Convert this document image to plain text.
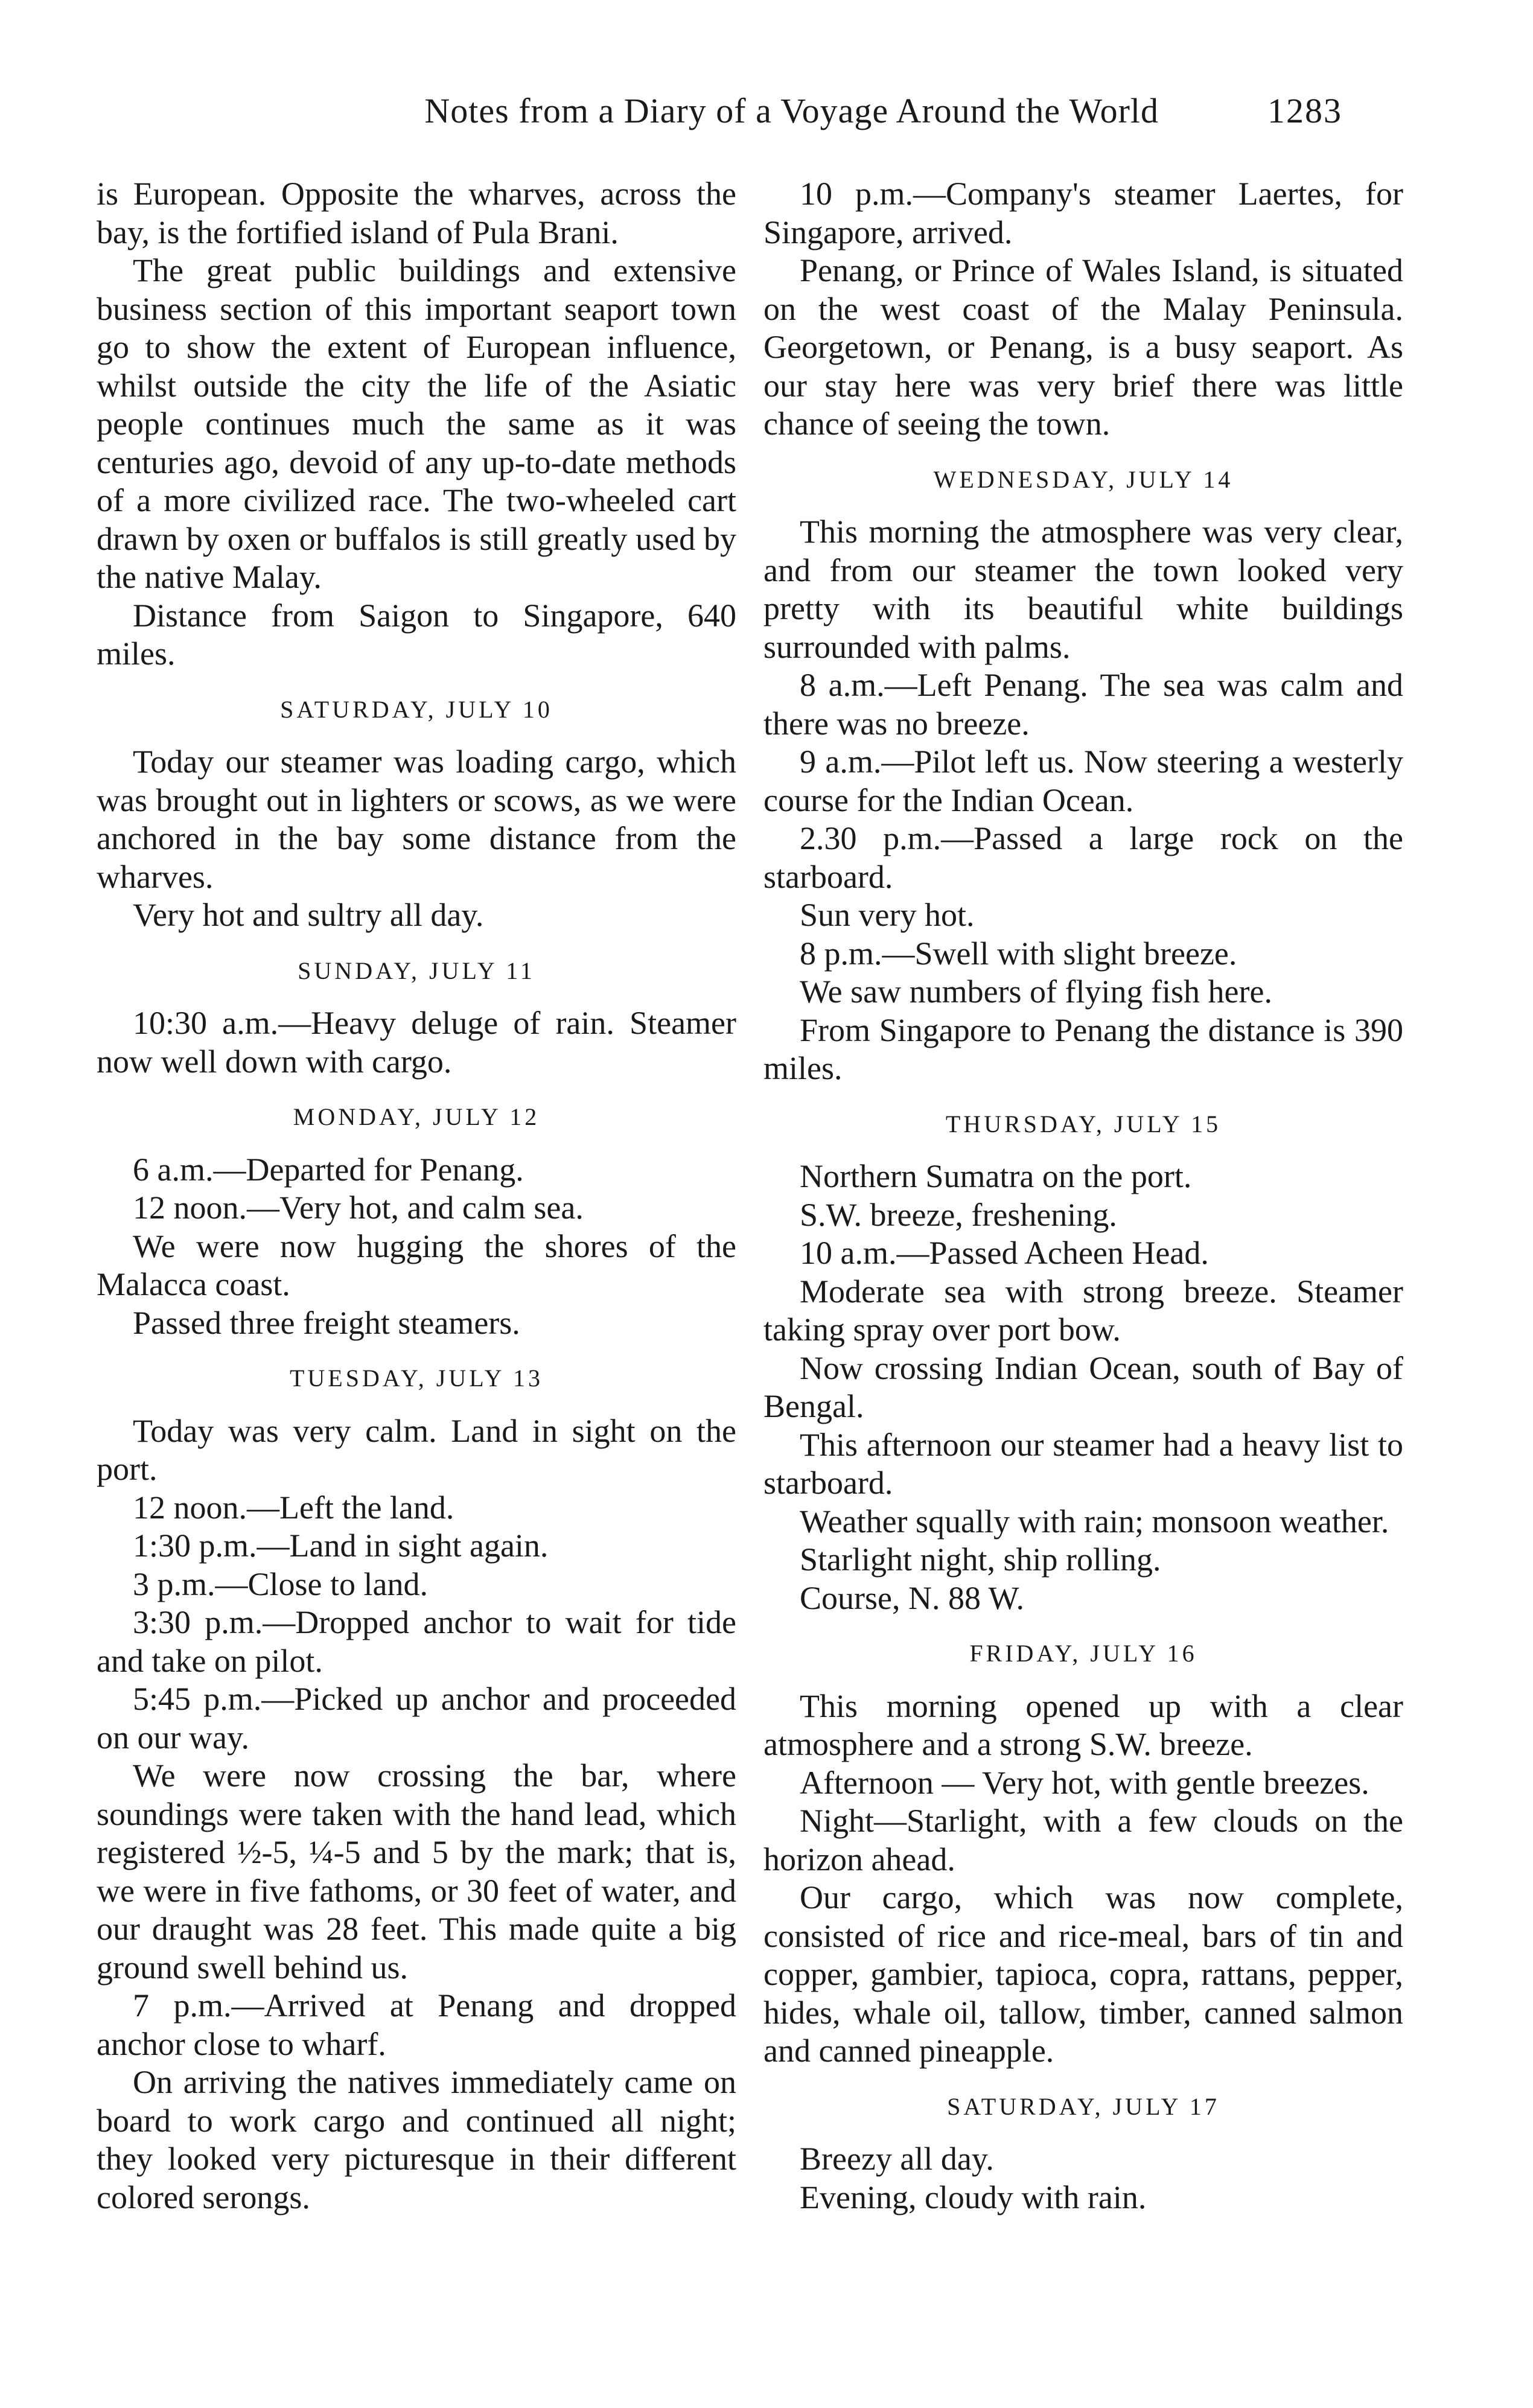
Notes from a Diary of a Voyage Around the World	1283

is European. Opposite the wharves, across the bay, is the fortified island of Pula Brani.

The great public buildings and extensive business section of this important seaport town go to show the extent of European influence, whilst outside the city the life of the Asiatic people continues much the same as it was centuries ago, devoid of any up-to-date methods of a more civilized race. The two-wheeled cart drawn by oxen or buffalos is still greatly used by the native Malay.

Distance from Saigon to Singapore, 640 miles.

SATURDAY, JULY 10

Today our steamer was loading cargo, which was brought out in lighters or scows, as we were anchored in the bay some distance from the wharves.

Very hot and sultry all day.

SUNDAY, JULY 11

10:30 a.m.—Heavy deluge of rain. Steamer now well down with cargo.

MONDAY, JULY 12

6 a.m.—Departed for Penang.

12 noon.—Very hot, and calm sea.

We were now hugging the shores of the Malacca coast.

Passed three freight steamers.

TUESDAY, JULY 13

Today was very calm. Land in sight on the port.

12 noon.—Left the land.

1:30 p.m.—Land in sight again.

3 p.m.—Close to land.

3:30 p.m.—Dropped anchor to wait for tide and take on pilot.

5:45 p.m.—Picked up anchor and proceeded on our way.

We were now crossing the bar, where soundings were taken with the hand lead, which registered ½-5, ¼-5 and 5 by the mark; that is, we were in five fathoms, or 30 feet of water, and our draught was 28 feet. This made quite a big ground swell behind us.

7 p.m.—Arrived at Penang and dropped anchor close to wharf.

On arriving the natives immediately came on board to work cargo and continued all night; they looked very picturesque in their different colored serongs.

10 p.m.—Company's steamer Laertes, for Singapore, arrived.

Penang, or Prince of Wales Island, is situated on the west coast of the Malay Peninsula. Georgetown, or Penang, is a busy seaport. As our stay here was very brief there was little chance of seeing the town.

WEDNESDAY, JULY 14

This morning the atmosphere was very clear, and from our steamer the town looked very pretty with its beautiful white buildings surrounded with palms.

8 a.m.—Left Penang. The sea was calm and there was no breeze.

9 a.m.—Pilot left us. Now steering a westerly course for the Indian Ocean.

2.30 p.m.—Passed a large rock on the starboard.

Sun very hot.

8 p.m.—Swell with slight breeze.

We saw numbers of flying fish here.

From Singapore to Penang the distance is 390 miles.

THURSDAY, JULY 15

Northern Sumatra on the port.

S.W. breeze, freshening.

10 a.m.—Passed Acheen Head.

Moderate sea with strong breeze. Steamer taking spray over port bow.

Now crossing Indian Ocean, south of Bay of Bengal.

This afternoon our steamer had a heavy list to starboard.

Weather squally with rain; monsoon weather.

Starlight night, ship rolling.

Course, N. 88 W.

FRIDAY, JULY 16

This morning opened up with a clear atmosphere and a strong S.W. breeze.

Afternoon — Very hot, with gentle breezes.

Night—Starlight, with a few clouds on the horizon ahead.

Our cargo, which was now complete, consisted of rice and rice-meal, bars of tin and copper, gambier, tapioca, copra, rattans, pepper, hides, whale oil, tallow, timber, canned salmon and canned pineapple.

SATURDAY, JULY 17

Breezy all day.

Evening, cloudy with rain.
